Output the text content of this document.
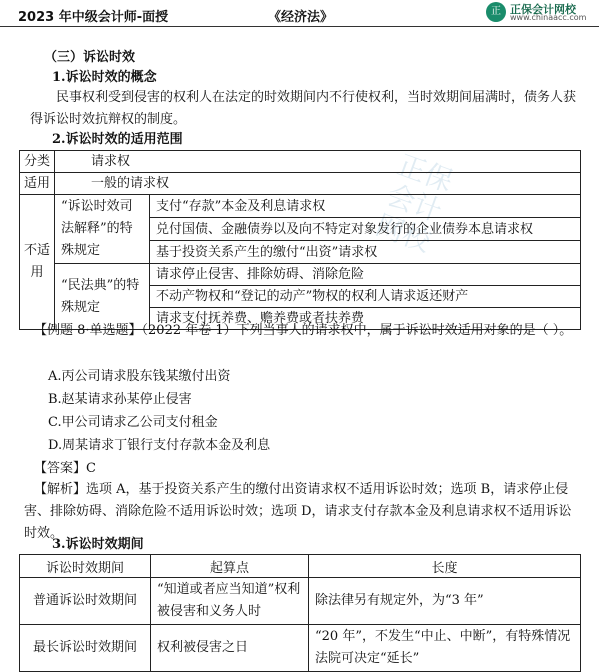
2023 年中级会计师-面授	《经济法》	正 正保会计网校
www.chinaacc.com
正保会计网校
（三）诉讼时效
1.诉讼时效的概念
民事权利受到侵害的权利人在法定的时效期间内不行使权利，当时效期间届满时，债务人获得诉讼时效抗辩权的制度。
2.诉讼时效的适用范围
分类	请求权	
适用	一般的请求权	
不适用	“诉讼时效司法解释”的特殊规定	支付“存款”本金及利息请求权
		兑付国债、金融债券以及向不特定对象发行的企业债券本息请求权
		基于投资关系产生的缴付“出资”请求权
	“民法典”的特殊规定	请求停止侵害、排除妨碍、消除危险
		不动产物权和“登记的动产”物权的权利人请求返还财产
		请求支付抚养费、赡养费或者扶养费
【例题 8·单选题】（2022 年卷 1）下列当事人的请求权中，属于诉讼时效适用对象的是（ ）。
A.丙公司请求股东钱某缴付出资
B.赵某请求孙某停止侵害
C.甲公司请求乙公司支付租金
D.周某请求丁银行支付存款本金及利息
【答案】C
【解析】选项 A，基于投资关系产生的缴付出资请求权不适用诉讼时效；选项 B，请求停止侵害、排除妨碍、消除危险不适用诉讼时效；选项 D，请求支付存款本金及利息请求权不适用诉讼时效。
3.诉讼时效期间
诉讼时效期间	起算点	长度
普通诉讼时效期间	“知道或者应当知道”权利被侵害和义务人时	除法律另有规定外，为“3 年”
最长诉讼时效期间	权利被侵害之日	“20 年”，不发生“中止、中断”，有特殊情况法院可决定“延长”
